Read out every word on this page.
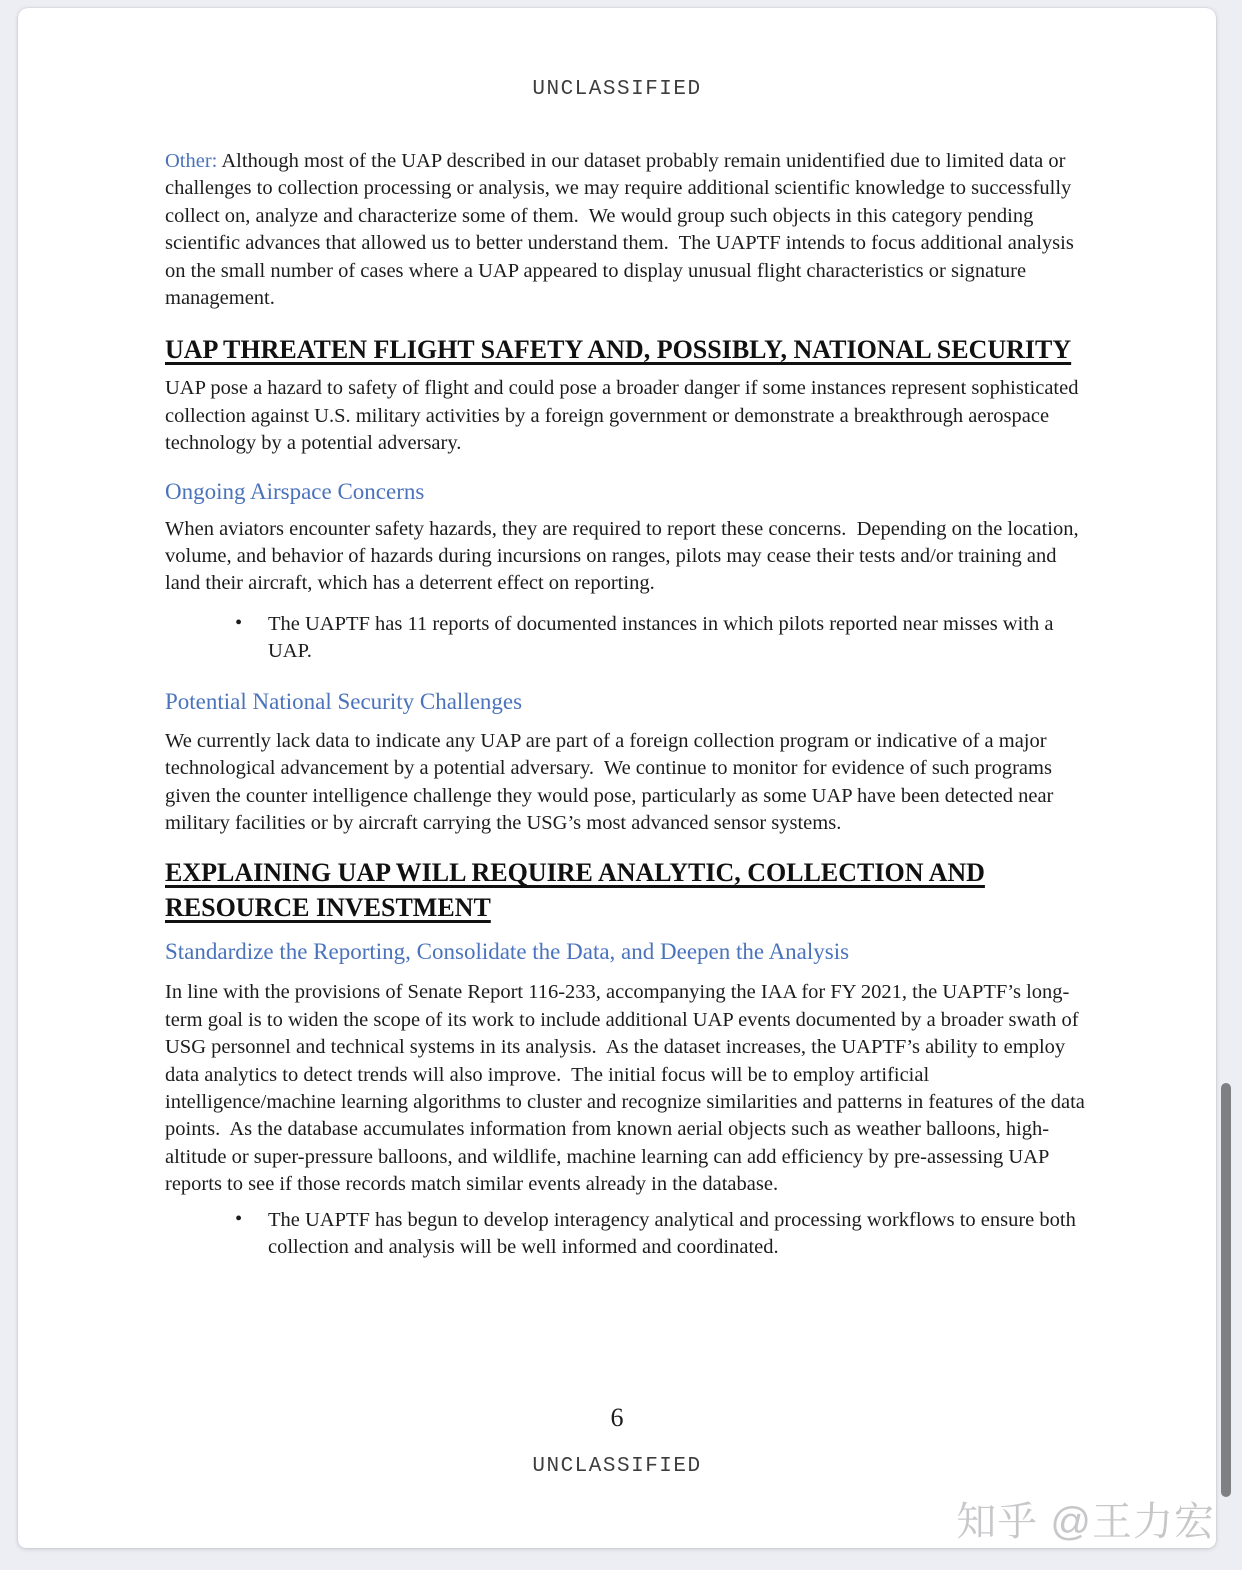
UNCLASSIFIED

Other: Although most of the UAP described in our dataset probably remain unidentified due to limited data or challenges to collection processing or analysis, we may require additional scientific knowledge to successfully collect on, analyze and characterize some of them.  We would group such objects in this category pending scientific advances that allowed us to better understand them.  The UAPTF intends to focus additional analysis on the small number of cases where a UAP appeared to display unusual flight characteristics or signature management.

UAP THREATEN FLIGHT SAFETY AND, POSSIBLY, NATIONAL SECURITY

UAP pose a hazard to safety of flight and could pose a broader danger if some instances represent sophisticated collection against U.S. military activities by a foreign government or demonstrate a breakthrough aerospace technology by a potential adversary.

Ongoing Airspace Concerns

When aviators encounter safety hazards, they are required to report these concerns.  Depending on the location, volume, and behavior of hazards during incursions on ranges, pilots may cease their tests and/or training and land their aircraft, which has a deterrent effect on reporting.

• The UAPTF has 11 reports of documented instances in which pilots reported near misses with a UAP.
Potential National Security Challenges

We currently lack data to indicate any UAP are part of a foreign collection program or indicative of a major technological advancement by a potential adversary.  We continue to monitor for evidence of such programs given the counter intelligence challenge they would pose, particularly as some UAP have been detected near military facilities or by aircraft carrying the USG’s most advanced sensor systems.

EXPLAINING UAP WILL REQUIRE ANALYTIC, COLLECTION AND RESOURCE INVESTMENT
Standardize the Reporting, Consolidate the Data, and Deepen the Analysis

In line with the provisions of Senate Report 116-233, accompanying the IAA for FY 2021, the UAPTF’s long-term goal is to widen the scope of its work to include additional UAP events documented by a broader swath of USG personnel and technical systems in its analysis.  As the dataset increases, the UAPTF’s ability to employ data analytics to detect trends will also improve.  The initial focus will be to employ artificial intelligence/machine learning algorithms to cluster and recognize similarities and patterns in features of the data points.  As the database accumulates information from known aerial objects such as weather balloons, high-altitude or super-pressure balloons, and wildlife, machine learning can add efficiency by pre-assessing UAP reports to see if those records match similar events already in the database.

• The UAPTF has begun to develop interagency analytical and processing workflows to ensure both collection and analysis will be well informed and coordinated.
6
UNCLASSIFIED
知乎 @王力宏
